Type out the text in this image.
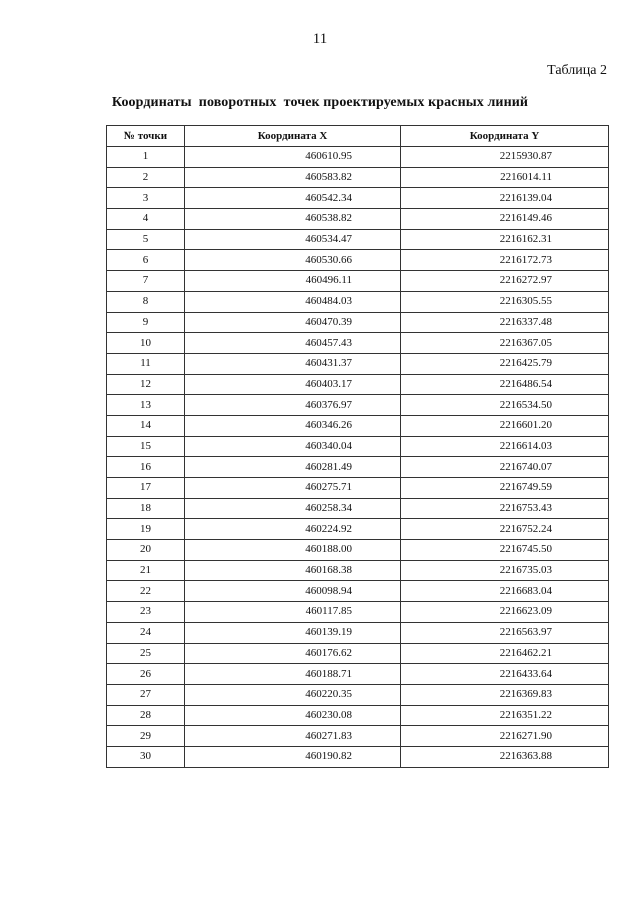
11
Таблица 2
Координаты  поворотных  точек проектируемых красных линий
№ точки	Координата X	Координата Y
1	460610.95	2215930.87
2	460583.82	2216014.11
3	460542.34	2216139.04
4	460538.82	2216149.46
5	460534.47	2216162.31
6	460530.66	2216172.73
7	460496.11	2216272.97
8	460484.03	2216305.55
9	460470.39	2216337.48
10	460457.43	2216367.05
11	460431.37	2216425.79
12	460403.17	2216486.54
13	460376.97	2216534.50
14	460346.26	2216601.20
15	460340.04	2216614.03
16	460281.49	2216740.07
17	460275.71	2216749.59
18	460258.34	2216753.43
19	460224.92	2216752.24
20	460188.00	2216745.50
21	460168.38	2216735.03
22	460098.94	2216683.04
23	460117.85	2216623.09
24	460139.19	2216563.97
25	460176.62	2216462.21
26	460188.71	2216433.64
27	460220.35	2216369.83
28	460230.08	2216351.22
29	460271.83	2216271.90
30	460190.82	2216363.88
